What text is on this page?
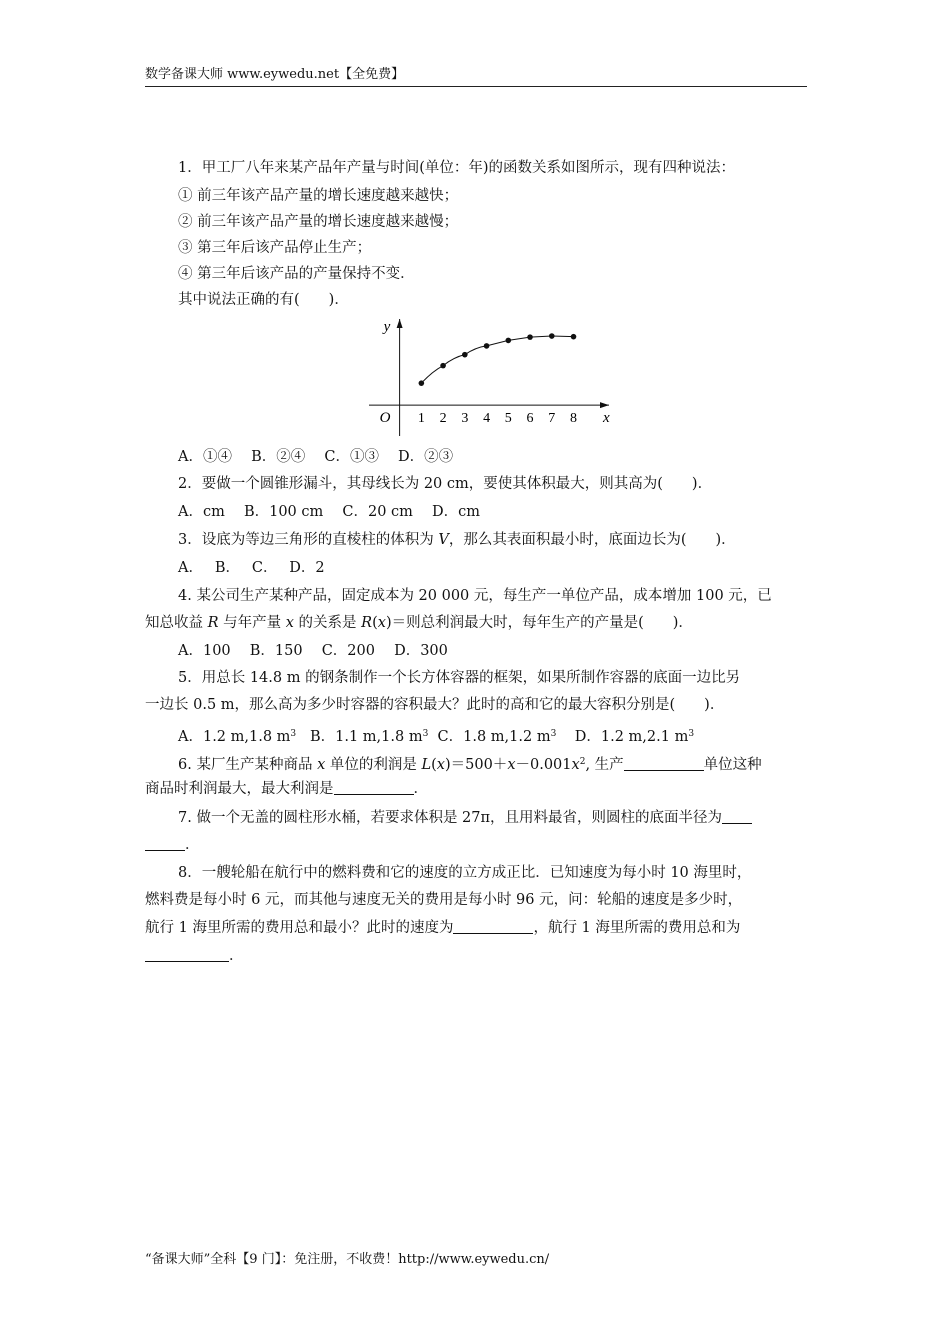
数学备课大师 www.eywedu.net【全免费】
1．甲工厂八年来某产品年产量与时间(单位：年)的函数关系如图所示，现有四种说法：
① 前三年该产品产量的增长速度越来越快；
② 前三年该产品产量的增长速度越来越慢；
③ 第三年后该产品停止生产；
④ 第三年后该产品的产量保持不变．
其中说法正确的有(　　)．
y
x
O 1 2 3 4 5 6 7 8
A．①④　 B．②④　 C．①③　 D．②③
2．要做一个圆锥形漏斗，其母线长为 20 cm，要使其体积最大，则其高为(　　)．
A．cm　 B．100 cm　 C．20 cm　 D．cm
3．设底为等边三角形的直棱柱的体积为 V，那么其表面积最小时，底面边长为(　　)．
A．　 B．　 C．　 D．2
4. 某公司生产某种产品，固定成本为 20 000 元，每生产一单位产品，成本增加 100 元，已
知总收益 R 与年产量 x 的关系是 R(x)＝则总利润最大时，每年生产的产量是(　　)．
A．100　 B．150　 C．200　 D．300
5．用总长 14.8 m 的钢条制作一个长方体容器的框架，如果所制作容器的底面一边比另
一边长 0.5 m，那么高为多少时容器的容积最大？此时的高和它的最大容积分别是(　　)．
A．1.2 m,1.8 $m^3$ B．1.1 m,1.8 $m^3$ C．1.8 m,1.2 $m^3$ D．1.2 m,2.1 $m^3$
6. 某厂生产某种商品 x 单位的利润是 $L(x)=500+x-0.001x^2$, 生产	单位这种
商品时利润最大，最大利润是	．
7. 做一个无盖的圆柱形水桶，若要求体积是 27π，且用料最省，则圆柱的底面半径为
．
8．一艘轮船在航行中的燃料费和它的速度的立方成正比．已知速度为每小时 10 海里时，
燃料费是每小时 6 元，而其他与速度无关的费用是每小时 96 元，问：轮船的速度是多少时，
航行 1 海里所需的费用总和最小？此时的速度为	，航行 1 海里所需的费用总和为
．
“备课大师”全科【9 门】：免注册，不收费！http://www.eywedu.cn/
